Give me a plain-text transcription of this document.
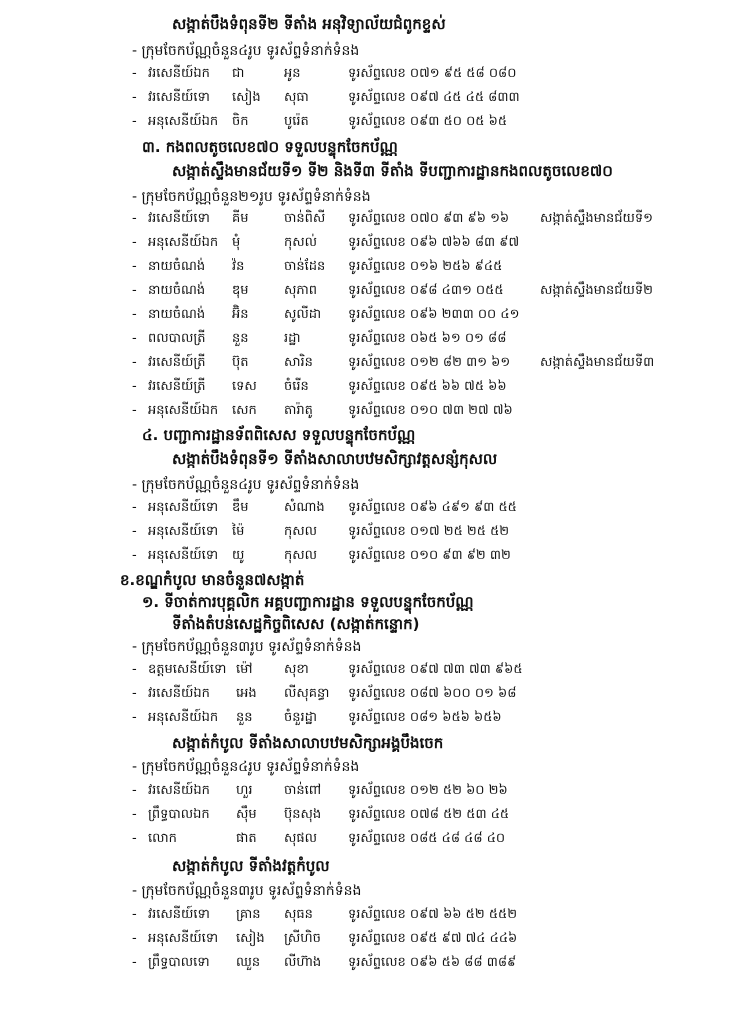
សង្កាត់បឹងទំពុនទី២ ទីតាំង អនុវិទ្យាល័យជំពូកខ្ទស់
- ក្រុមចែកប័ណ្ណចំនួន៤រូប ទូរស័ព្ទទំនាក់ទំនង
- វរសេនីយ៍ឯក ជា	អូន	ទូរស័ព្ទលេខ ០៧១ ៩៥ ៥៨ ០៨០
- វរសេនីយ៍ទោ សៀង សុធា	ទូរស័ព្ទលេខ ០៩៧ ៤៥ ៤៥ ៨៣៣
- អនុសេនីយ៍ឯក ចិក	បូរ៉េត	ទូរស័ព្ទលេខ ០៩៣ ៥០ ០៥ ៦៥
៣. កងពលតូចលេខ៧០ ទទួលបន្ទុកចែកប័ណ្ណ
សង្កាត់ស្ទឹងមានជ័យទី១ ទី២ និងទី៣ ទីតាំង ទីបញ្ជាការដ្ឋានកងពលតូចលេខ៧០
- ក្រុមចែកប័ណ្ណចំនួន២១រូប ទូរស័ព្ទទំនាក់ទំនង
- វរសេនីយ៍ទោ គីម	ចាន់ពិសី ទូរស័ព្ទលេខ ០៧០ ៩៣ ៩៦ ១៦ សង្កាត់ស្ទឹងមានជ័យទី១
- អនុសេនីយ៍ឯក មុំ	កុសល់ ទូរស័ព្ទលេខ ០៩៦ ៧៦៦ ៨៣ ៩៧
- នាយចំណង់ វ៉ន	ចាន់ដែន ទូរស័ព្ទលេខ ០១៦ ២៥៦ ៩៤៥
- នាយចំណង់ ឌុម	សុភាព ទូរស័ព្ទលេខ ០៩៨ ៤៣១ ០៥៥	សង្កាត់ស្ទឹងមានជ័យទី២
- នាយចំណង់ អ៊ិន	សូលីដា ទូរស័ព្ទលេខ ០៩៦ ២៣៣ ០០ ៤១
- ពលបាលត្រី នួន	រដ្ឋា	ទូរស័ព្ទលេខ ០៦៥ ៦១ ០១ ៨៨
- វរសេនីយ៍ត្រី ប៊ុត	សារិន	ទូរស័ព្ទលេខ ០១២ ៨២ ៣១ ៦១ សង្កាត់ស្ទឹងមានជ័យទី៣
- វរសេនីយ៍ត្រី ទេស ចំរើន	ទូរស័ព្ទលេខ ០៩៥ ៦៦ ៧៥ ៦៦
- អនុសេនីយ៍ឯក សេក តារ៉ាតូ	ទូរស័ព្ទលេខ ០១០ ៧៣ ២៧ ៧៦
៤. បញ្ជាការដ្ឋានទ័ពពិសេស ទទួលបន្ទុកចែកប័ណ្ណ
សង្កាត់បឹងទំពុនទី១ ទីតាំងសាលាបឋមសិក្សាវត្តសន្សំកុសល
- ក្រុមចែកប័ណ្ណចំនួន៤រូប ទូរស័ព្ទទំនាក់ទំនង
- អនុសេនីយ៍ទោ ឌឹម	សំណាង ទូរស័ព្ទលេខ ០៩៦ ៤៩១ ៩៣ ៥៥
- អនុសេនីយ៍ទោ ម៉ៃ	កុសល ទូរស័ព្ទលេខ ០១៧ ២៥ ២៥ ៥២
- អនុសេនីយ៍ទោ យូ	កុសល ទូរស័ព្ទលេខ ០១០ ៩៣ ៩២ ៣២
ខ.ខណ្ឌកំបូល មានចំនួន៧សង្កាត់
១. ទីចាត់ការបុគ្គលិក អគ្គបញ្ជាការដ្ឋាន ទទួលបន្ទុកចែកប័ណ្ណ
ទីតាំងតំបន់សេដ្ឋកិច្ចពិសេស (សង្កាត់កន្ទោក)
- ក្រុមចែកប័ណ្ណចំនួន៣រូប ទូរស័ព្ទទំនាក់ទំនង
- ឧត្តមសេនីយ៍ទោ ម៉ៅ សុខា	ទូរស័ព្ទលេខ ០៩៧ ៧៣ ៧៣ ៩៦៥
- វរសេនីយ៍ឯក អេង លីសុគន្ធា ទូរស័ព្ទលេខ ០៨៧ ៦០០ ០១ ៦៨
- អនុសេនីយ៍ឯក នួន ចំនួរដ្ឋា ទូរស័ព្ទលេខ ០៨១ ៦៥៦ ៦៥៦
សង្កាត់កំបូល ទីតាំងសាលាបឋមសិក្សាអង្គបឹងចេក
- ក្រុមចែកប័ណ្ណចំនួន៤រូប ទូរស័ព្ទទំនាក់ទំនង
- វរសេនីយ៍ឯក ហួរ ចាន់ពៅ ទូរស័ព្ទលេខ ០១២ ៥២ ៦០ ២៦
- ព្រឹទ្ធបាលឯក ស៊ឹម ប៊ុនសុង ទូរស័ព្ទលេខ ០៧៨ ៥២ ៥៣ ៤៥
- លោក	ផាត សុផល ទូរស័ព្ទលេខ ០៨៥ ៤៨ ៤៨ ៤០
សង្កាត់កំបូល ទីតាំងវត្តកំបូល
- ក្រុមចែកប័ណ្ណចំនួន៣រូប ទូរស័ព្ទទំនាក់ទំនង
- វរសេនីយ៍ទោ គ្រាន សុធន	ទូរស័ព្ទលេខ ០៩៧ ៦៦ ៥២ ៥៥២
- អនុសេនីយ៍ទោ សៀង ស្រីហិច ទូរស័ព្ទលេខ ០៩៥ ៩៧ ៧៤ ៤៤៦
- ព្រឹទ្ធបាលទោ ឈួន លីហ៊ាង ទូរស័ព្ទលេខ ០៩៦ ៥៦ ៨៨ ៣៨៩
